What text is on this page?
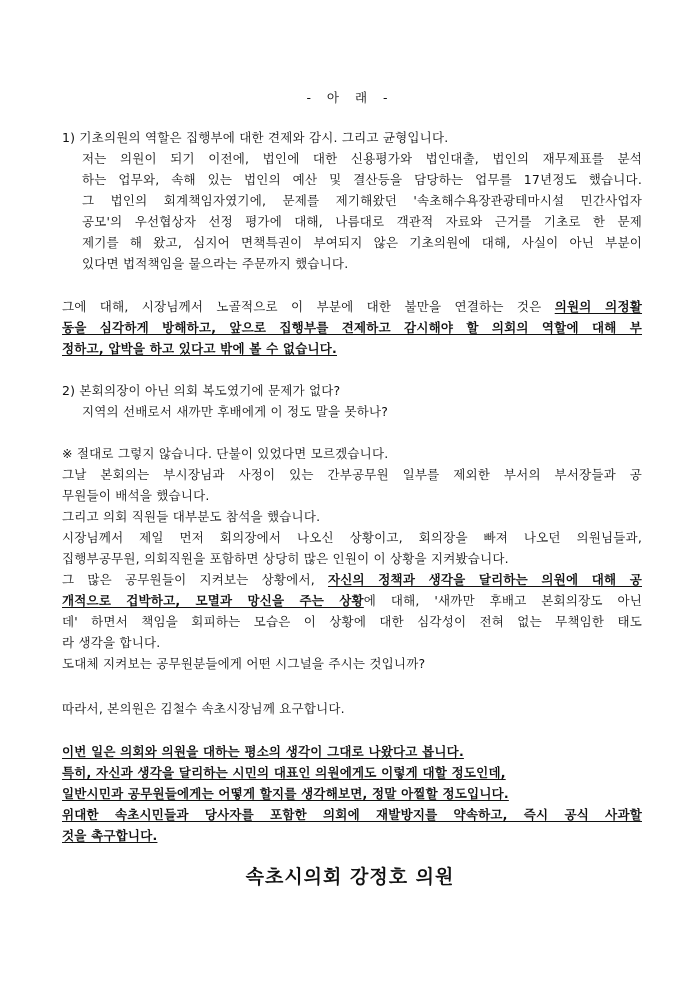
- 아 래 -
1) 기초의원의 역할은 집행부에 대한 견제와 감시. 그리고 균형입니다.
저는 의원이 되기 이전에, 법인에 대한 신용평가와 법인대출, 법인의 재무제표를 분석
하는 업무와, 속해 있는 법인의 예산 및 결산등을 담당하는 업무를 17년정도 했습니다.
그 법인의 회계책임자였기에, 문제를 제기해왔던 '속초해수욕장관광테마시설 민간사업자
공모'의 우선협상자 선정 평가에 대해, 나름대로 객관적 자료와 근거를 기초로 한 문제
제기를 해 왔고, 심지어 면책특권이 부여되지 않은 기초의원에 대해, 사실이 아닌 부분이
있다면 법적책임을 물으라는 주문까지 했습니다.
그에 대해, 시장님께서 노골적으로 이 부분에 대한 불만을 연결하는 것은 의원의 의정활
동을 심각하게 방해하고, 앞으로 집행부를 견제하고 감시해야 할 의회의 역할에 대해 부
정하고, 압박을 하고 있다고 밖에 볼 수 없습니다.
2) 본회의장이 아닌 의회 복도였기에 문제가 없다?
지역의 선배로서 새까만 후배에게 이 정도 말을 못하나?
※ 절대로 그렇지 않습니다. 단불이 있었다면 모르겠습니다.
그날 본회의는 부시장님과 사정이 있는 간부공무원 일부를 제외한 부서의 부서장들과 공
무원들이 배석을 했습니다.
그리고 의회 직원들 대부분도 참석을 했습니다.
시장님께서 제일 먼저 회의장에서 나오신 상황이고, 회의장을 빠져 나오던 의원님들과,
집행부공무원, 의회직원을 포함하면 상당히 많은 인원이 이 상황을 지켜봤습니다.
그 많은 공무원들이 지켜보는 상황에서, 자신의 정책과 생각을 달리하는 의원에 대해 공
개적으로 겁박하고, 모멸과 망신을 주는 상황에 대해, '새까만 후배고 본회의장도 아닌
데' 하면서 책임을 회피하는 모습은 이 상황에 대한 심각성이 전혀 없는 무책임한 태도
라 생각을 합니다.
도대체 지켜보는 공무원분들에게 어떤 시그널을 주시는 것입니까?
따라서, 본의원은 김철수 속초시장님께 요구합니다.
이번 일은 의회와 의원을 대하는 평소의 생각이 그대로 나왔다고 봅니다.
특히, 자신과 생각을 달리하는 시민의 대표인 의원에게도 이렇게 대할 정도인데,
일반시민과 공무원들에게는 어떻게 할지를 생각해보면, 정말 아찔할 정도입니다.
위대한 속초시민들과 당사자를 포함한 의회에 재발방지를 약속하고, 즉시 공식 사과할
것을 촉구합니다.
속초시의회 강정호 의원
